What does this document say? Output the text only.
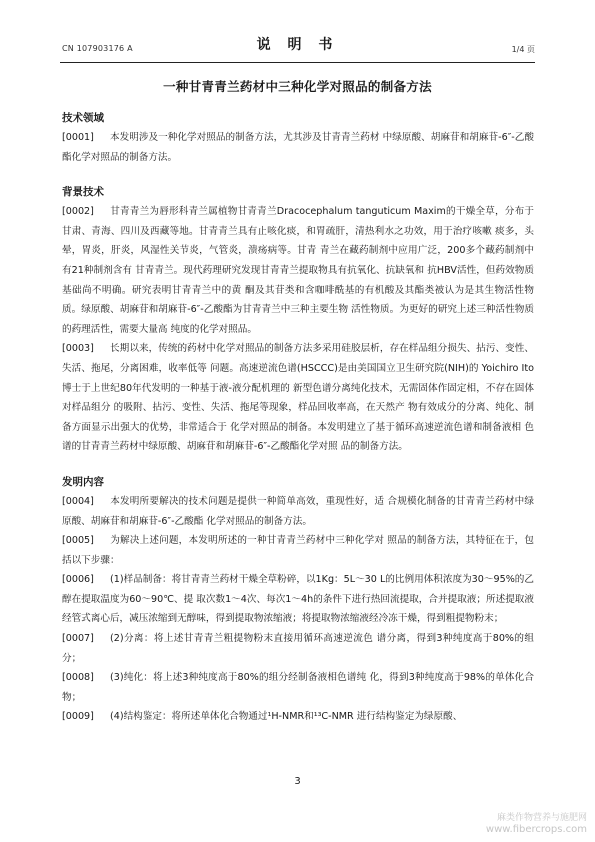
CN 107903176 A	说 明 书	1/4 页
一种甘青青兰药材中三种化学对照品的制备方法

技术领域

[0001] 本发明涉及一种化学对照品的制备方法，尤其涉及甘青青兰药材 中绿原酸、胡麻苷和胡麻苷-6″-乙酸酯化学对照品的制备方法。

背景技术

[0002] 甘青青兰为唇形科青兰属植物甘青青兰Dracocephalum tanguticum Maxim的干燥全草，分布于甘肃、青海、四川及西藏等地。甘青青兰具有止咳化痰，和胃疏肝，清热利水之功效，用于治疗咳嗽 痰多，头晕，胃炎，肝炎，风湿性关节炎，气管炎，溃疡病等。甘青 青兰在藏药制剂中应用广泛，200多个藏药制剂中有21种制剂含有 甘青青兰。现代药理研究发现甘青青兰提取物具有抗氧化、抗缺氧和 抗HBV活性，但药效物质基础尚不明确。研究表明甘青青兰中的黄 酮及其苷类和含咖啡酰基的有机酸及其酯类被认为是其生物活性物质。绿原酸、胡麻苷和胡麻苷-6″-乙酸酯为甘青青兰中三种主要生物 活性物质。为更好的研究上述三种活性物质的药理活性，需要大量高 纯度的化学对照品。

[0003] 长期以来，传统的药材中化学对照品的制备方法多采用硅胶层析，存在样品组分损失、拈污、变性、失活、拖尾，分离困难，收率低等 问题。高速逆流色谱(HSCCC)是由美国国立卫生研究院(NIH)的 Yoichiro Ito博士于上世纪80年代发明的一种基于液-液分配机理的 新型色谱分离纯化技术，无需固体作固定相，不存在固体对样品组分 的吸附、拈污、变性、失活、拖尾等现象，样品回收率高，在天然产 物有效成分的分离、纯化、制备方面显示出强大的优势，非常适合于 化学对照品的制备。本发明建立了基于循环高速逆流色谱和制备液相 色谱的甘青青兰药材中绿原酸、胡麻苷和胡麻苷-6″-乙酸酯化学对照 品的制备方法。

发明内容

[0004] 本发明所要解决的技术问题是提供一种简单高效，重现性好，适 合规模化制备的甘青青兰药材中绿原酸、胡麻苷和胡麻苷-6″-乙酸酯 化学对照品的制备方法。

[0005] 为解决上述问题，本发明所述的一种甘青青兰药材中三种化学对 照品的制备方法，其特征在于，包括以下步骤：

[0006] (1)样品制备：将甘青青兰药材干燥全草粉碎，以1Kg：5L～30 L的比例用体积浓度为30～95%的乙醇在提取温度为60～90℃、提 取次数1～4次、每次1～4h的条件下进行热回流提取，合并提取液；所述提取液经管式离心后，减压浓缩到无醇味，得到提取物浓缩液；将提取物浓缩液经冷冻干燥，得到粗提物粉末；

[0007] (2)分离：将上述甘青青兰粗提物粉末直接用循环高速逆流色 谱分离，得到3种纯度高于80%的组分；

[0008] (3)纯化：将上述3种纯度高于80%的组分经制备液相色谱纯 化，得到3种纯度高于98%的单体化合物；

[0009] (4)结构鉴定：将所述单体化合物通过¹H-NMR和¹³C-NMR 进行结构鉴定为绿原酸、

3
麻类作物营养与施肥网
www.fibercrops.com
